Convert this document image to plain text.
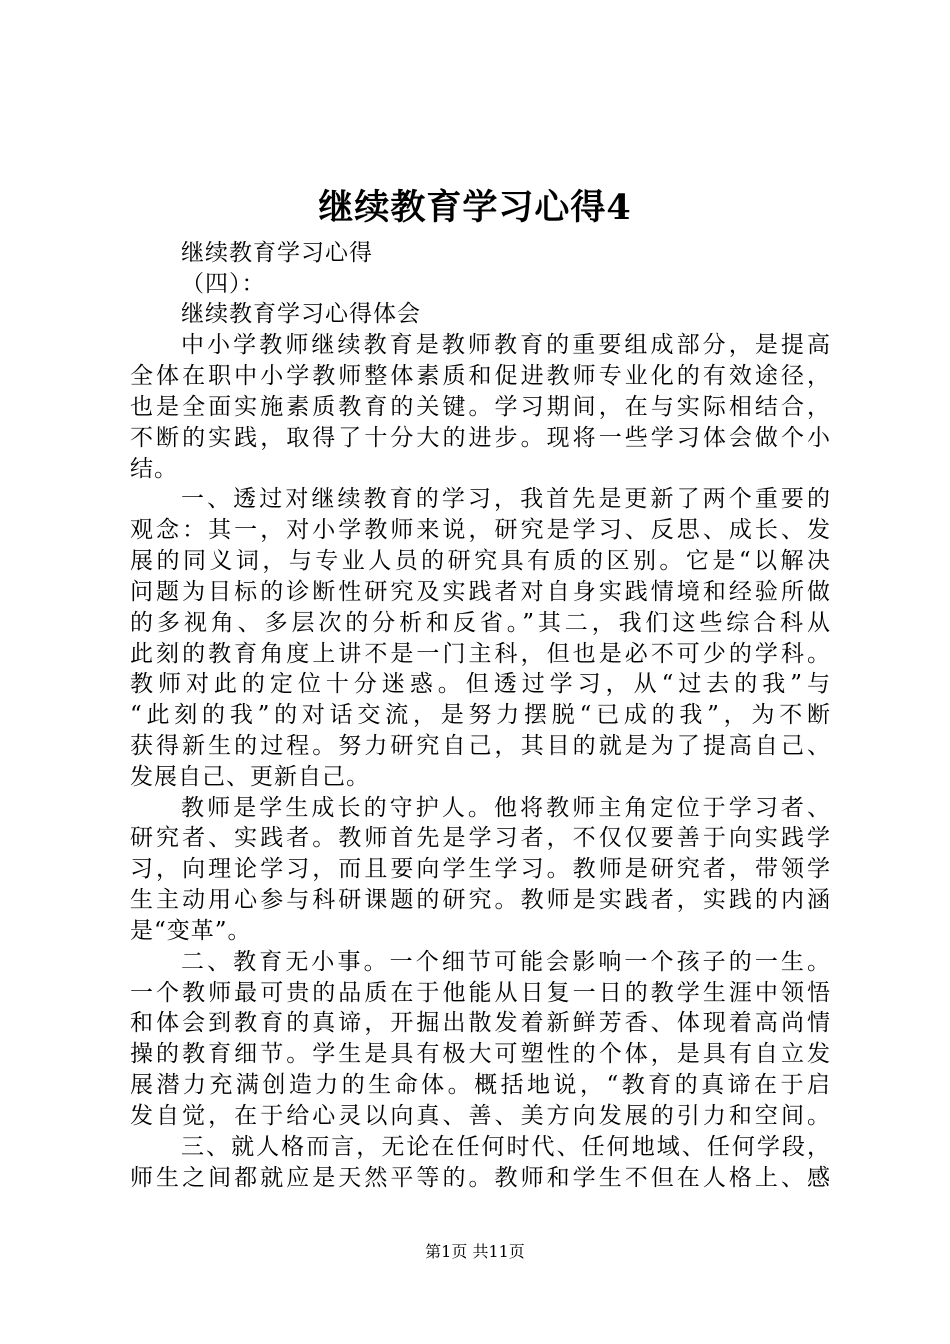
继续教育学习心得4
继续教育学习心得
（四）：
继续教育学习心得体会
中小学教师继续教育是教师教育的重要组成部分，是提高
全体在职中小学教师整体素质和促进教师专业化的有效途径，
也是全面实施素质教育的关键。学习期间，在与实际相结合，
不断的实践，取得了十分大的进步。现将一些学习体会做个小
结。
一、透过对继续教育的学习，我首先是更新了两个重要的
观念：其一，对小学教师来说，研究是学习、反思、成长、发
展的同义词，与专业人员的研究具有质的区别。它是“以解决
问题为目标的诊断性研究及实践者对自身实践情境和经验所做
的多视角、多层次的分析和反省。”其二，我们这些综合科从
此刻的教育角度上讲不是一门主科，但也是必不可少的学科。
教师对此的定位十分迷惑。但透过学习，从“过去的我”与
“此刻的我”的对话交流，是努力摆脱“已成的我”，为不断
获得新生的过程。努力研究自己，其目的就是为了提高自己、
发展自己、更新自己。
教师是学生成长的守护人。他将教师主角定位于学习者、
研究者、实践者。教师首先是学习者，不仅仅要善于向实践学
习，向理论学习，而且要向学生学习。教师是研究者，带领学
生主动用心参与科研课题的研究。教师是实践者，实践的内涵
是“变革”。
二、教育无小事。一个细节可能会影响一个孩子的一生。
一个教师最可贵的品质在于他能从日复一日的教学生涯中领悟
和体会到教育的真谛，开掘出散发着新鲜芳香、体现着高尚情
操的教育细节。学生是具有极大可塑性的个体，是具有自立发
展潜力充满创造力的生命体。概括地说，“教育的真谛在于启
发自觉，在于给心灵以向真、善、美方向发展的引力和空间。
三、就人格而言，无论在任何时代、任何地域、任何学段，
师生之间都就应是天然平等的。教师和学生不但在人格上、感
第1页 共11页
